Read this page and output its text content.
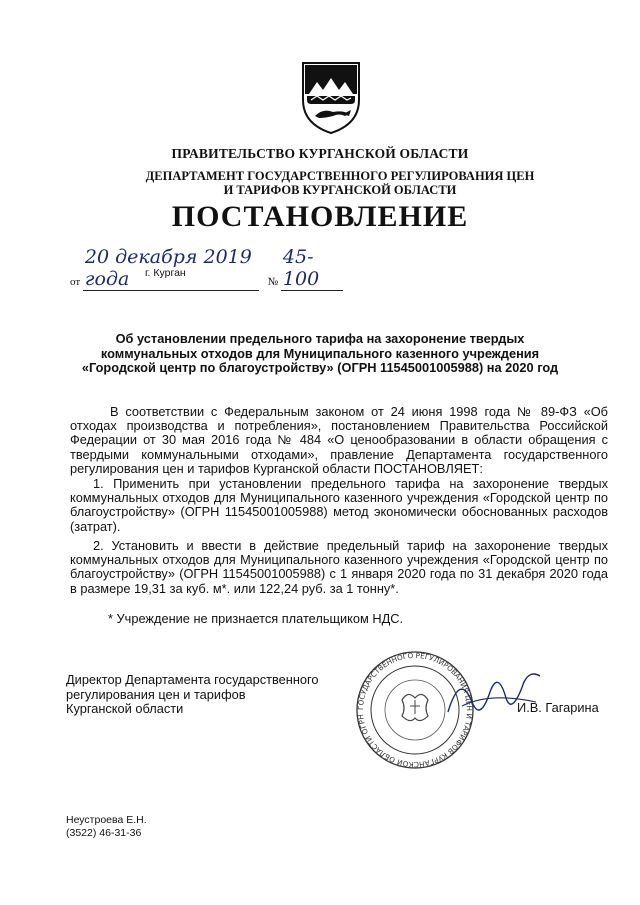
ПРАВИТЕЛЬСТВО КУРГАНСКОЙ ОБЛАСТИ
ДЕПАРТАМЕНТ ГОСУДАРСТВЕННОГО РЕГУЛИРОВАНИЯ ЦЕН И ТАРИФОВ КУРГАНСКОЙ ОБЛАСТИ
ПОСТАНОВЛЕНИЕ
от 20 декабря 2019 года	№ 45-100
г. Курган
Об установлении предельного тарифа на захоронение твердых коммунальных отходов для Муниципального казенного учреждения «Городской центр по благоустройству» (ОГРН 11545001005988) на 2020 год
В соответствии с Федеральным законом от 24 июня 1998 года № 89-ФЗ «Об отходах производства и потребления», постановлением Правительства Российской Федерации от 30 мая 2016 года № 484 «О ценообразовании в области обращения с твердыми коммунальными отходами», правление Департамента государственного регулирования цен и тарифов Курганской области ПОСТАНОВЛЯЕТ:
1. Применить при установлении предельного тарифа на захоронение твердых коммунальных отходов для Муниципального казенного учреждения «Городской центр по благоустройству» (ОГРН 11545001005988) метод экономически обоснованных расходов (затрат).
2. Установить и ввести в действие предельный тариф на захоронение твердых коммунальных отходов для Муниципального казенного учреждения «Городской центр по благоустройству» (ОГРН 11545001005988) с 1 января 2020 года по 31 декабря 2020 года в размере 19,31 за куб. м*. или 122,24 руб. за 1 тонну*.
* Учреждение не признается плательщиком НДС.
Директор Департамента государственного
регулирования цен и тарифов
Курганской области	ГОСУДАРСТВЕННОГО РЕГУЛИРОВАНИЯ ЦЕН И ТАРИФОВ КУРГАНСКОЙ ОБЛАСТИ ОГРН
И.В. Гагарина
Неустроева Е.Н.
(3522) 46-31-36
